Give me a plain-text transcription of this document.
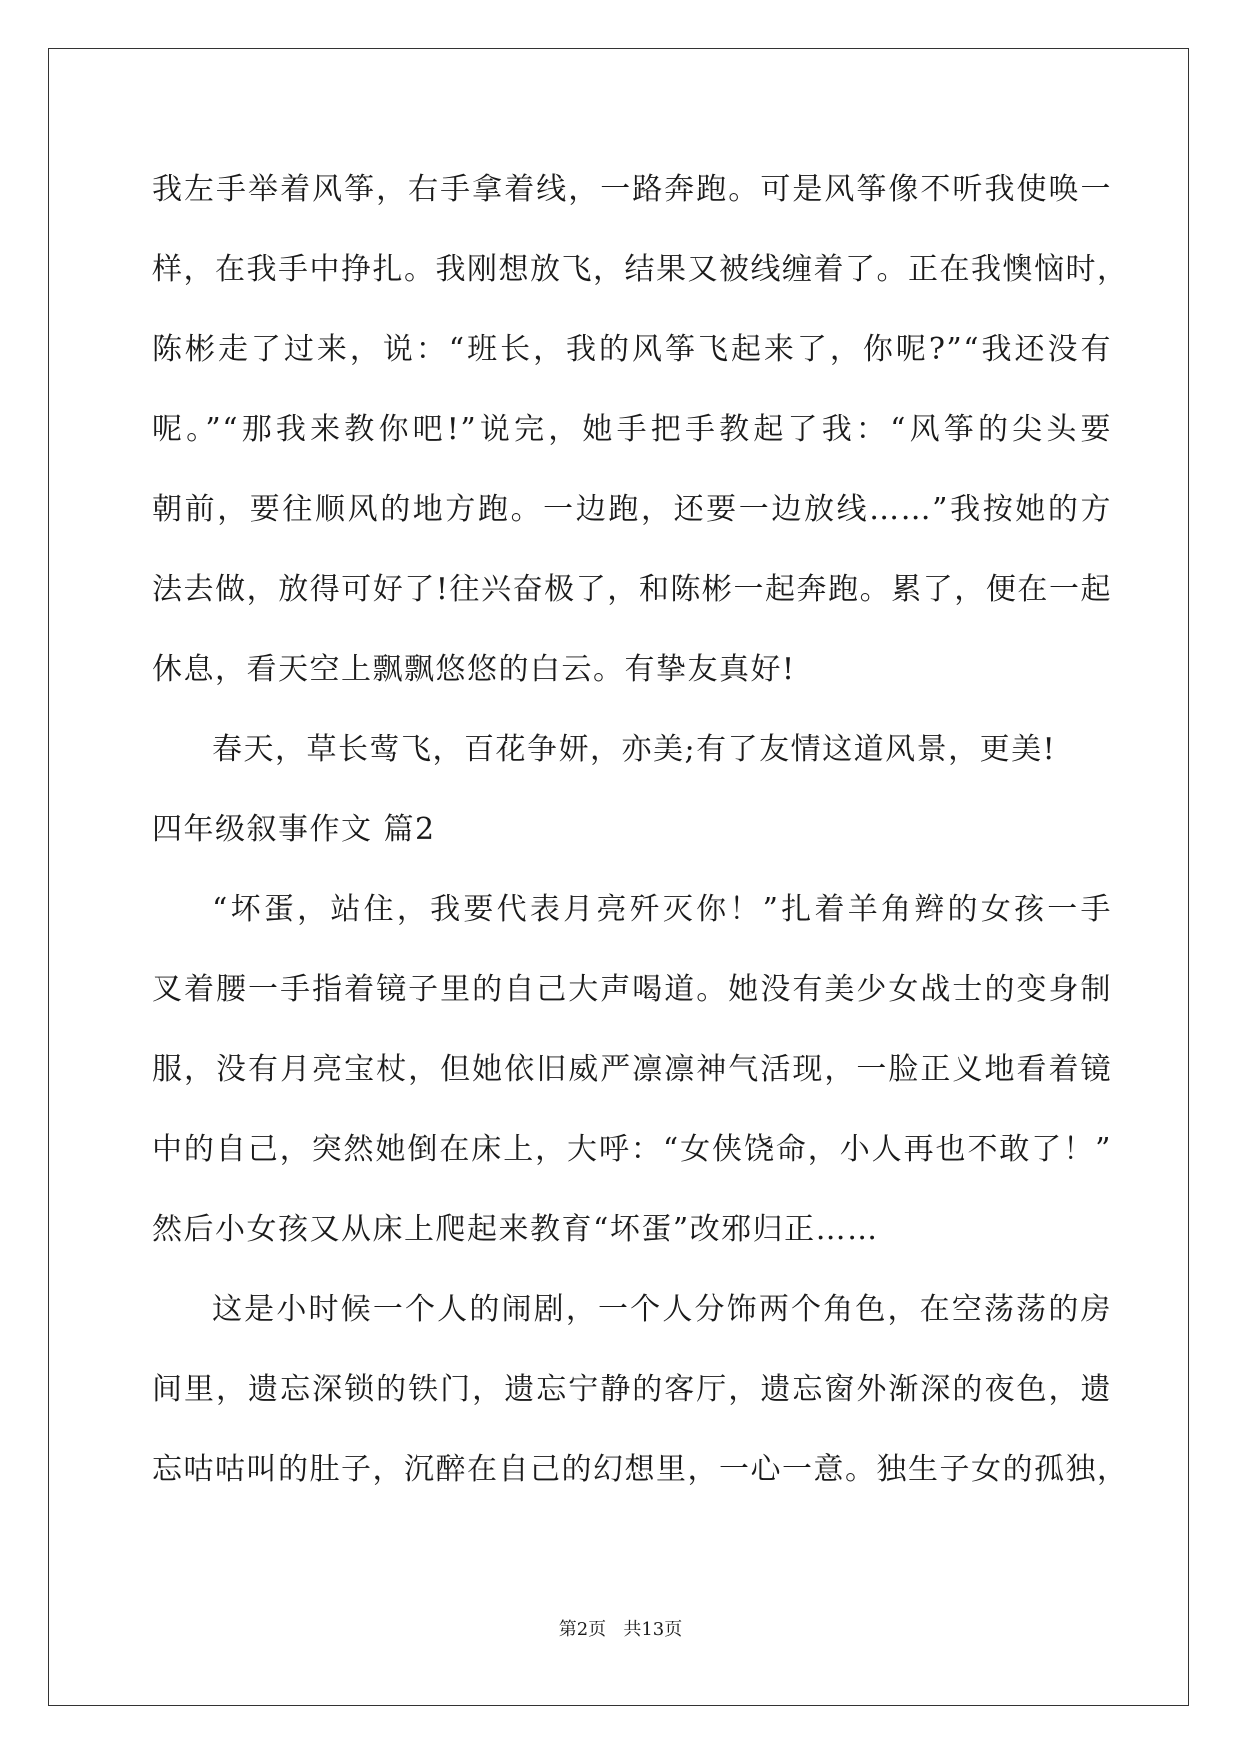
我左手举着风筝，右手拿着线，一路奔跑。可是风筝像不听我使唤一
样，在我手中挣扎。我刚想放飞，结果又被线缠着了。正在我懊恼时，
陈彬走了过来，说：“班长，我的风筝飞起来了，你呢?”“我还没有
呢。”“那我来教你吧!”说完，她手把手教起了我：“风筝的尖头要
朝前，要往顺风的地方跑。一边跑，还要一边放线……”我按她的方
法去做，放得可好了!往兴奋极了，和陈彬一起奔跑。累了，便在一起
休息，看天空上飘飘悠悠的白云。有挚友真好!
春天，草长莺飞，百花争妍，亦美;有了友情这道风景，更美!
四年级叙事作文 篇2
“坏蛋，站住，我要代表月亮歼灭你！”扎着羊角辫的女孩一手
叉着腰一手指着镜子里的自己大声喝道。她没有美少女战士的变身制
服，没有月亮宝杖，但她依旧威严凛凛神气活现，一脸正义地看着镜
中的自己，突然她倒在床上，大呼：“女侠饶命，小人再也不敢了！”
然后小女孩又从床上爬起来教育“坏蛋”改邪归正……
这是小时候一个人的闹剧，一个人分饰两个角色，在空荡荡的房
间里，遗忘深锁的铁门，遗忘宁静的客厅，遗忘窗外渐深的夜色，遗
忘咕咕叫的肚子，沉醉在自己的幻想里，一心一意。独生子女的孤独，
第2页   共13页
